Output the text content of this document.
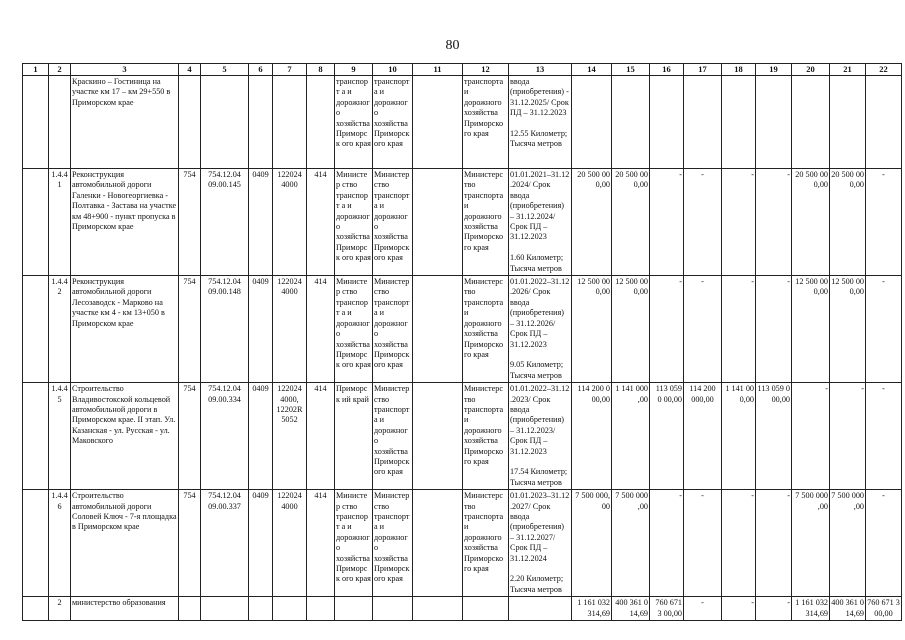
80
1	2	3	4	5	6	7	8	9	10	11	12	13	14	15	16	17	18	19	20	21	22
		Краскино – Гостиница на участке км 17 – км 29+550 в Приморском крае						транспорт а и дорожног о хозяйства Приморск ого края	транспорт а и дорожног о хозяйства Приморск ого края		транспорта и дорожного хозяйства Приморско го края	ввода (приобретения) - 31.12.2025/ Срок ПД – 31.12.2023

12.55 Километр; Тысяча метров									
	1.4.41	Реконструкция автомобильной дороги Галенки - Новогеоргиевка - Полтавка - Застава на участке км 48+900 - пункт пропуска в Приморском крае	754	754.12.04 09.00.145	0409	122024 4000	414	Министер ство транспорт а и дорожног о хозяйства Приморск ого края	Министер ство транспорт а и дорожног о хозяйства Приморск ого края		Министерс тво транспорта и дорожного хозяйства Приморско го края	01.01.2021–31.12 .2024/ Срок ввода (приобретения) – 31.12.2024/ Срок ПД – 31.12.2023

1.60 Километр; Тысяча метров	20 500 00 0,00	20 500 00 0,00	-	-	-	-	20 500 00 0,00	20 500 00 0,00	-
	1.4.42	Реконструкция автомобильной дороги Лесозаводск - Марково на участке км 4 - км 13+050 в Приморском крае	754	754.12.04 09.00.148	0409	122024 4000	414	Министер ство транспорт а и дорожног о хозяйства Приморск ого края	Министер ство транспорт а и дорожног о хозяйства Приморск ого края		Министерс тво транспорта и дорожного хозяйства Приморско го края	01.01.2022–31.12 .2026/ Срок ввода (приобретения) – 31.12.2026/ Срок ПД – 31.12.2023

9.05 Километр; Тысяча метров	12 500 00 0,00	12 500 00 0,00	-	-	-	-	12 500 00 0,00	12 500 00 0,00	-
	1.4.45	Строительство Владивостокской кольцевой автомобильной дороги в Приморском крае. II этап. Ул. Казанская - ул. Русская - ул. Маковского	754	754.12.04 09.00.334	0409	122024 4000, 12202R 5052	414	Приморск ий край	Министер ство транспорт а и дорожног о хозяйства Приморск ого края		Министерс тво транспорта и дорожного хозяйства Приморско го края	01.01.2022–31.12 .2023/ Срок ввода (приобретения) – 31.12.2023/ Срок ПД – 31.12.2023

17.54 Километр; Тысяча метров	114 200 0 00,00	1 141 000 ,00	113 059 0 00,00	114 200 000,00	1 141 00 0,00	113 059 0 00,00	-	-	-
	1.4.46	Строительство автомобильной дороги Соловей Ключ - 7-я площадка в Приморском крае	754	754.12.04 09.00.337	0409	122024 4000	414	Министер ство транспорт а и дорожног о хозяйства Приморск ого края	Министер ство транспорт а и дорожног о хозяйства Приморск ого края		Министерс тво транспорта и дорожного хозяйства Приморско го края	01.01.2023–31.12 .2027/ Срок ввода (приобретения) – 31.12.2027/ Срок ПД – 31.12.2024

2.20 Километр; Тысяча метров	7 500 000, 00	7 500 000 ,00	-	-	-	-	7 500 000 ,00	7 500 000 ,00	-
	2	министерство образования											1 161 032 314,69	400 361 0 14,69	760 671 3 00,00	-	-	-	1 161 032 314,69	400 361 0 14,69	760 671 3 00,00
